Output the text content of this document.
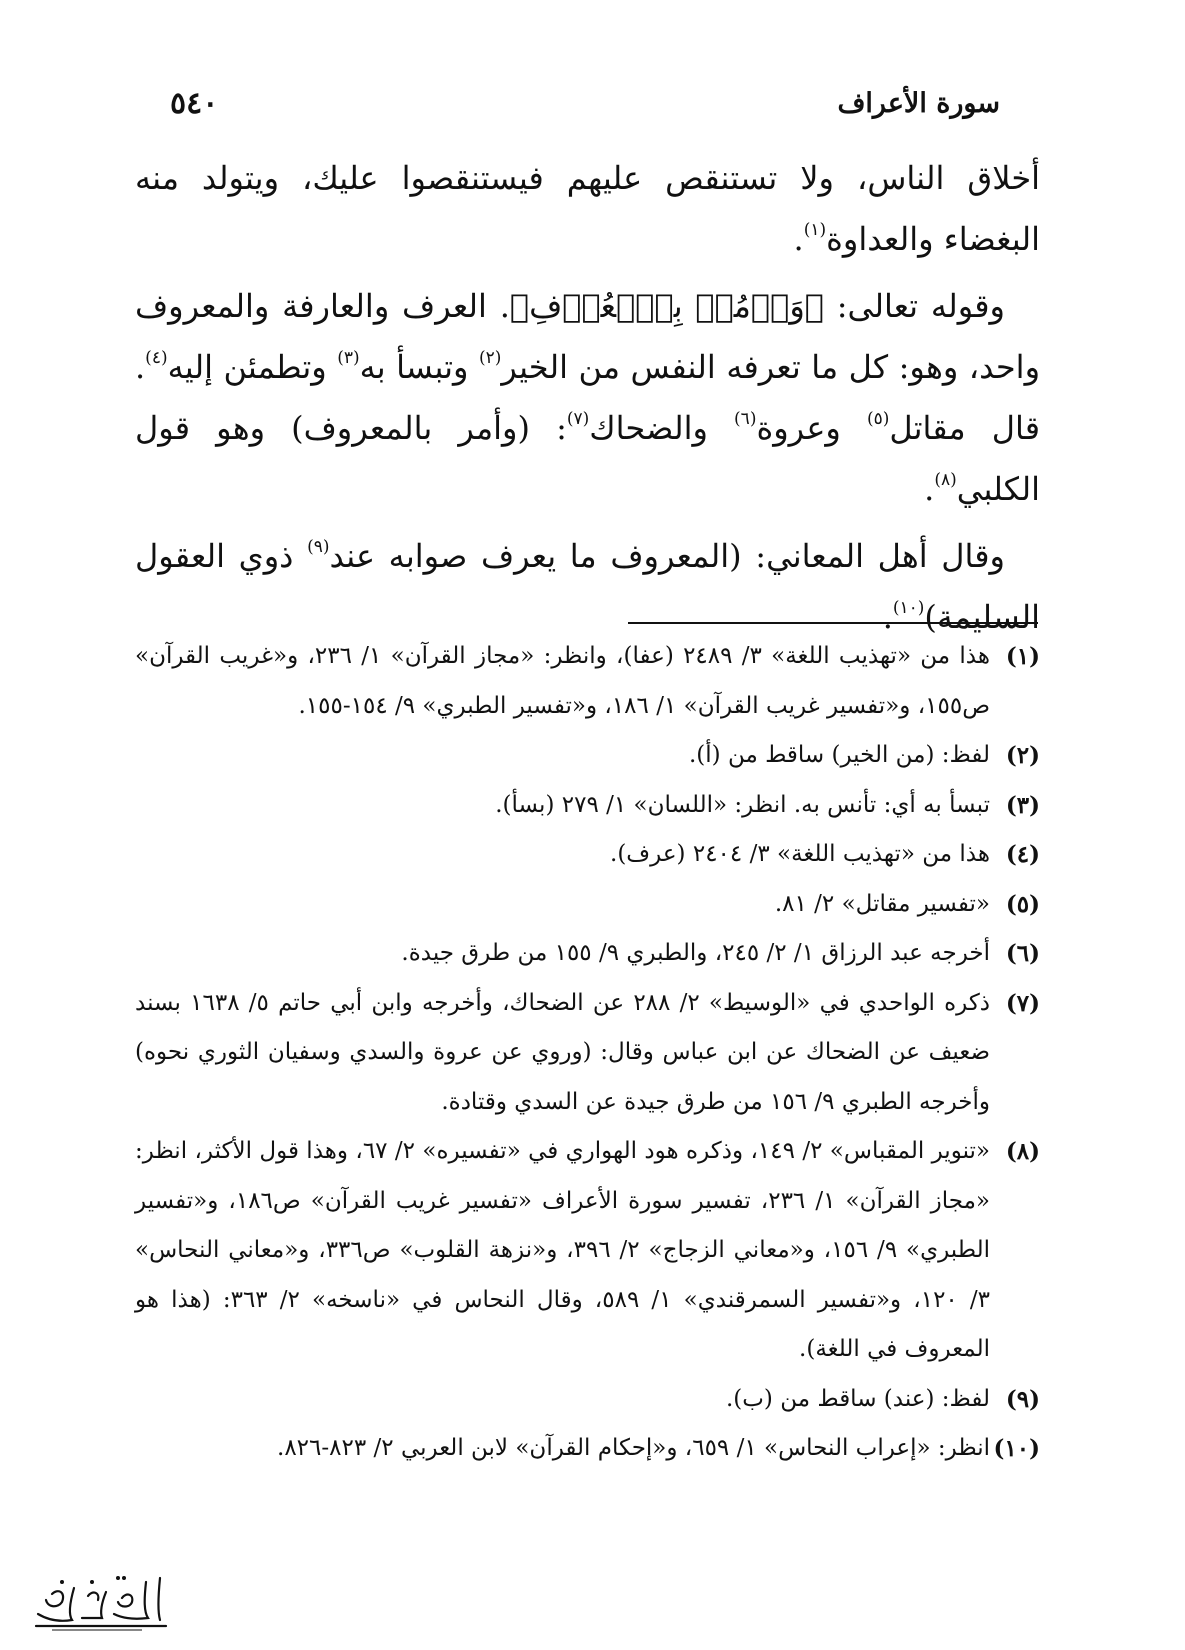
سورة الأعراف
٥٤٠

أخلاق الناس، ولا تستنقص عليهم فيستنقصوا عليك، ويتولد منه البغضاء والعداوة$^{(١)}$.

وقوله تعالى: ﴿وَأۡمُرۡ بِٱلۡعُرۡفِ﴾. العرف والعارفة والمعروف واحد، وهو: كل ما تعرفه النفس من الخير$^{(٢)}$ وتبسأ به$^{(٣)}$ وتطمئن إليه$^{(٤)}$. قال مقاتل$^{(٥)}$ وعروة$^{(٦)}$ والضحاك$^{(٧)}$: (وأمر بالمعروف) وهو قول الكلبي$^{(٨)}$.

وقال أهل المعاني: (المعروف ما يعرف صوابه عند$^{(٩)}$ ذوي العقول السليمة)$^{(١٠)}$.

(١)
هذا من «تهذيب اللغة» ٣/ ٢٤٨٩ (عفا)، وانظر: «مجاز القرآن» ١/ ٢٣٦، و«غريب القرآن» ص١٥٥، و«تفسير غريب القرآن» ١/ ١٨٦، و«تفسير الطبري» ٩/ ١٥٤-١٥٥.
(٢)
لفظ: (من الخير) ساقط من (أ).
(٣)
تبسأ به أي: تأنس به. انظر: «اللسان» ١/ ٢٧٩ (بسأ).
(٤)
هذا من «تهذيب اللغة» ٣/ ٢٤٠٤ (عرف).
(٥)
«تفسير مقاتل» ٢/ ٨١.
(٦)
أخرجه عبد الرزاق ١/ ٢/ ٢٤٥، والطبري ٩/ ١٥٥ من طرق جيدة.
(٧)
ذكره الواحدي في «الوسيط» ٢/ ٢٨٨ عن الضحاك، وأخرجه وابن أبي حاتم ٥/ ١٦٣٨ بسند ضعيف عن الضحاك عن ابن عباس وقال: (وروي عن عروة والسدي وسفيان الثوري نحوه) وأخرجه الطبري ٩/ ١٥٦ من طرق جيدة عن السدي وقتادة.
(٨)
«تنوير المقباس» ٢/ ١٤٩، وذكره هود الهواري في «تفسيره» ٢/ ٦٧، وهذا قول الأكثر، انظر: «مجاز القرآن» ١/ ٢٣٦، تفسير سورة الأعراف «تفسير غريب القرآن» ص١٨٦، و«تفسير الطبري» ٩/ ١٥٦، و«معاني الزجاج» ٢/ ٣٩٦، و«نزهة القلوب» ص٣٣٦، و«معاني النحاس» ٣/ ١٢٠، و«تفسير السمرقندي» ١/ ٥٨٩، وقال النحاس في «ناسخه» ٢/ ٣٦٣: (هذا هو المعروف في اللغة).
(٩)
لفظ: (عند) ساقط من (ب).
(١٠)
انظر: «إعراب النحاس» ١/ ٦٥٩، و«إحكام القرآن» لابن العربي ٢/ ٨٢٣-٨٢٦.
